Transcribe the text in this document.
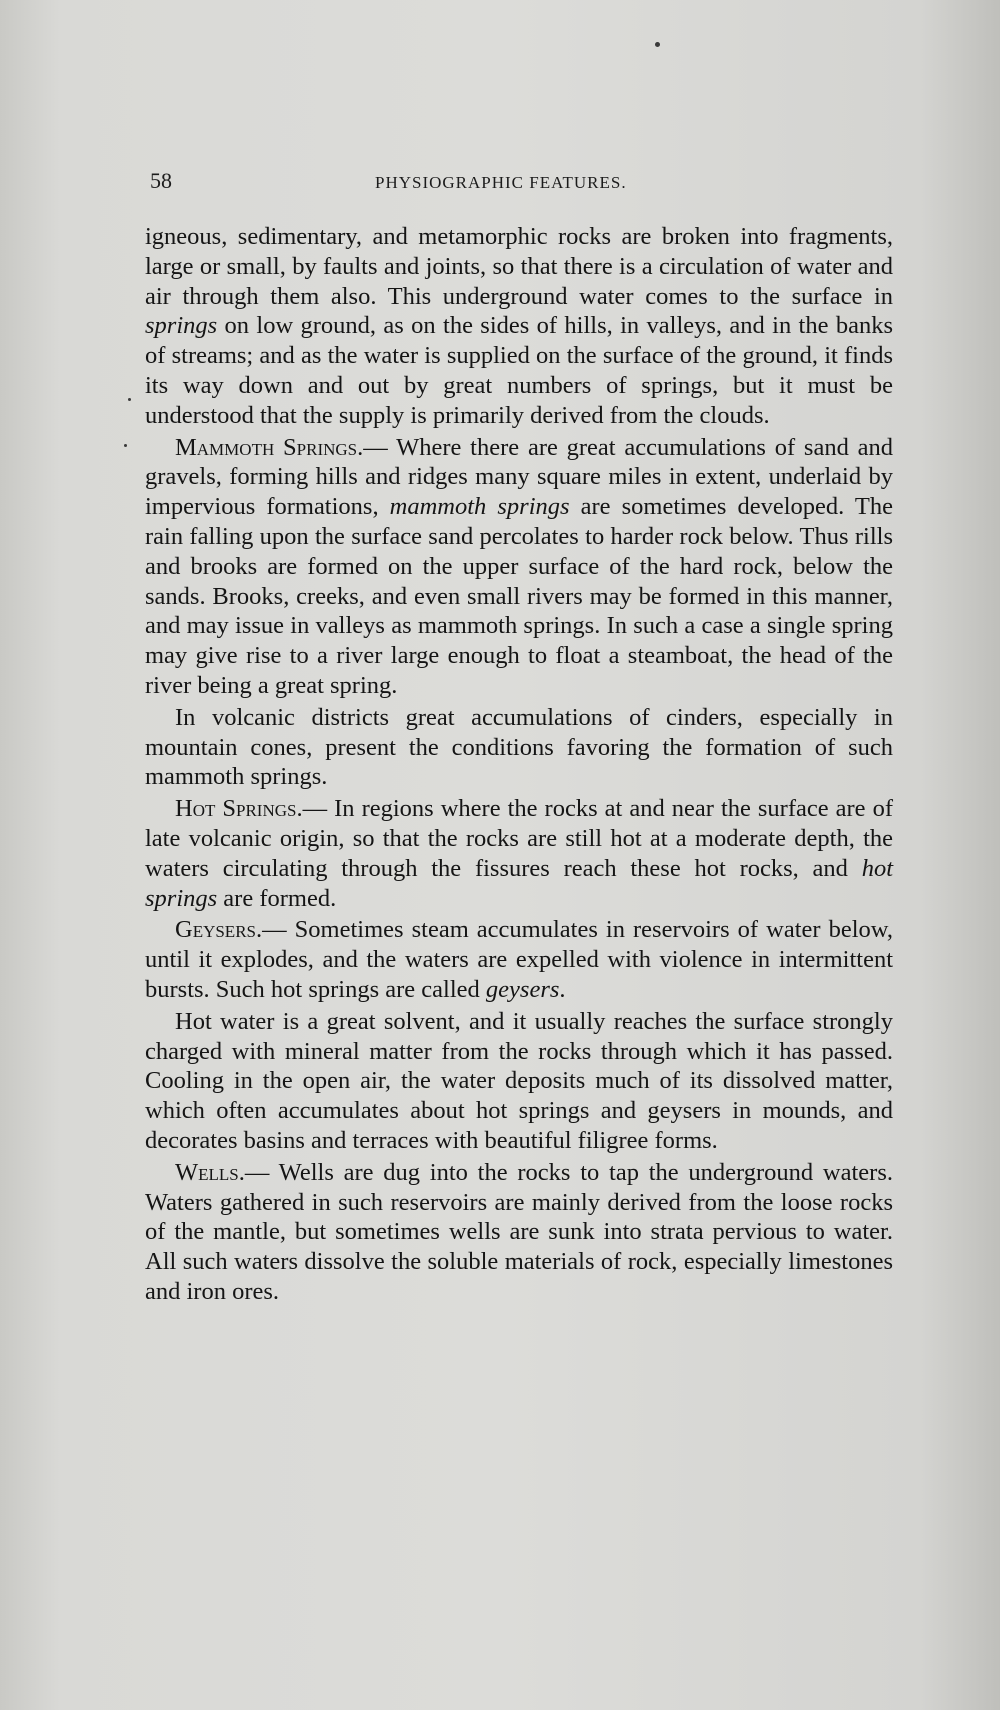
58	PHYSIOGRAPHIC FEATURES.

igneous, sedimentary, and metamorphic rocks are broken into fragments, large or small, by faults and joints, so that there is a circulation of water and air through them also. This underground water comes to the surface in springs on low ground, as on the sides of hills, in valleys, and in the banks of streams; and as the water is supplied on the surface of the ground, it finds its way down and out by great numbers of springs, but it must be understood that the supply is primarily derived from the clouds.

Mammoth Springs.— Where there are great accumulations of sand and gravels, forming hills and ridges many square miles in extent, underlaid by impervious formations, mammoth springs are sometimes developed. The rain falling upon the surface sand percolates to harder rock below. Thus rills and brooks are formed on the upper surface of the hard rock, below the sands. Brooks, creeks, and even small rivers may be formed in this manner, and may issue in valleys as mammoth springs. In such a case a single spring may give rise to a river large enough to float a steamboat, the head of the river being a great spring.

In volcanic districts great accumulations of cinders, especially in mountain cones, present the conditions favoring the formation of such mammoth springs.

Hot Springs.— In regions where the rocks at and near the surface are of late volcanic origin, so that the rocks are still hot at a moderate depth, the waters circulating through the fissures reach these hot rocks, and hot springs are formed.

Geysers.— Sometimes steam accumulates in reservoirs of water below, until it explodes, and the waters are expelled with violence in intermittent bursts. Such hot springs are called geysers.

Hot water is a great solvent, and it usually reaches the surface strongly charged with mineral matter from the rocks through which it has passed. Cooling in the open air, the water deposits much of its dissolved matter, which often accumulates about hot springs and geysers in mounds, and decorates basins and terraces with beautiful filigree forms.

Wells.— Wells are dug into the rocks to tap the underground waters. Waters gathered in such reservoirs are mainly derived from the loose rocks of the mantle, but sometimes wells are sunk into strata pervious to water. All such waters dissolve the soluble materials of rock, especially limestones and iron ores.
